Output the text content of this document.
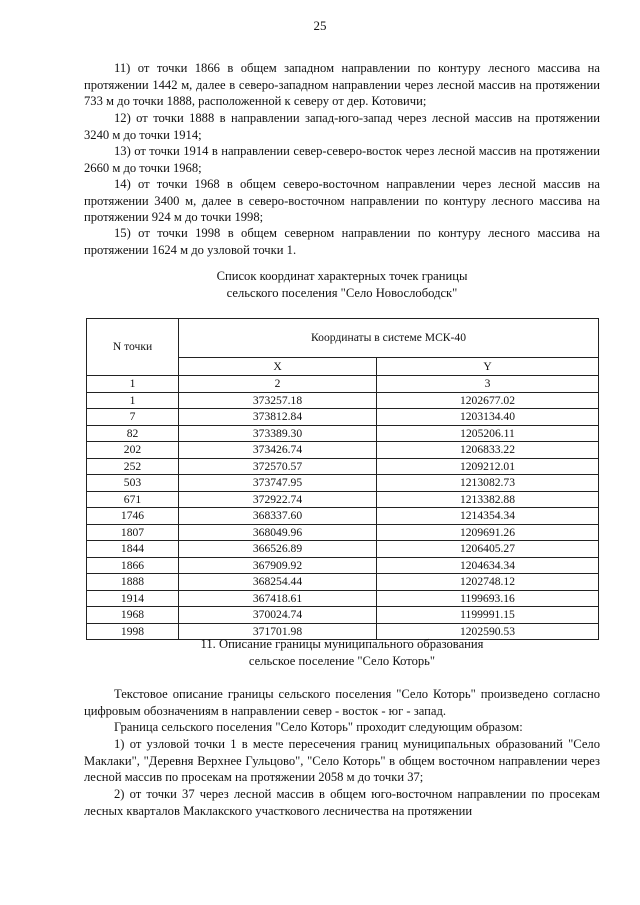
25

11) от точки 1866 в общем западном направлении по контуру лесного массива на протяжении 1442 м, далее в северо-западном направлении через лесной массив на протяжении 733 м до точки 1888, расположенной к северу от дер. Котовичи;

12) от точки 1888 в направлении запад-юго-запад через лесной массив на протяжении 3240 м до точки 1914;

13) от точки 1914 в направлении север-северо-восток через лесной массив на протяжении 2660 м до точки 1968;

14) от точки 1968 в общем северо-восточном направлении через лесной массив на протяжении 3400 м, далее в северо-восточном направлении по контуру лесного массива на протяжении 924 м до точки 1998;

15) от точки 1998 в общем северном направлении по контуру лесного массива на протяжении 1624 м до узловой точки 1.

Список координат характерных точек границы
сельского поселения "Село Новослободск"
N точки	Координаты в системе МСК-40	
	X	Y
1	2	3
1	373257.18	1202677.02
7	373812.84	1203134.40
82	373389.30	1205206.11
202	373426.74	1206833.22
252	372570.57	1209212.01
503	373747.95	1213082.73
671	372922.74	1213382.88
1746	368337.60	1214354.34
1807	368049.96	1209691.26
1844	366526.89	1206405.27
1866	367909.92	1204634.34
1888	368254.44	1202748.12
1914	367418.61	1199693.16
1968	370024.74	1199991.15
1998	371701.98	1202590.53
11. Описание границы муниципального образования
сельское поселение "Село Которь"

Текстовое описание границы сельского поселения "Село Которь" произведено согласно цифровым обозначениям в направлении север - восток - юг - запад.

Граница сельского поселения "Село Которь" проходит следующим образом:

1) от узловой точки 1 в месте пересечения границ муниципальных образований "Село Маклаки", "Деревня Верхнее Гульцово", "Село Которь" в общем восточном направлении через лесной массив по просекам на протяжении 2058 м до точки 37;

2) от точки 37 через лесной массив в общем юго-восточном направлении по просекам лесных кварталов Маклакского участкового лесничества на протяжении
